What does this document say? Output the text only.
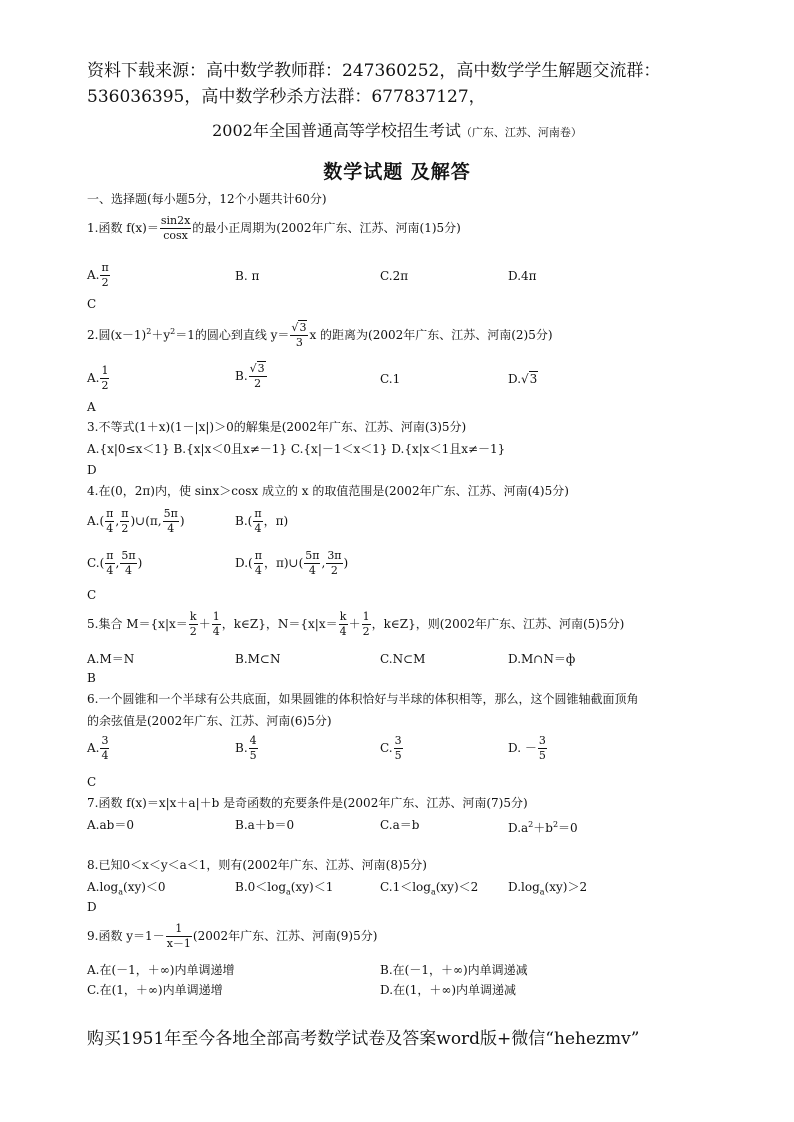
资料下载来源：高中数学教师群：247360252，高中数学学生解题交流群：
536036395，高中数学秒杀方法群：677837127，
2002年全国普通高等学校招生考试（广东、江苏、河南卷）
数学试题 及解答
一、选择题(每小题5分，12个小题共计60分)
1.函数 $f(x)= \frac{\sin 2x}{\cos x}$ 的最小正周期为(2002年广东、江苏、河南(1)5分)
A. $\frac{\pi}{2}$	B. π	C.2π	D.4π
C
2.圆$(x-1)^2+y^2=1$的圆心到直线 $y= \frac{√3}{3}$ x 的距离为(2002年广东、江苏、河南(2)5分)
A. $\frac{1}{2}$	B. $\frac{√3}{2}$	C.1	D.√3
A
3.不等式(1＋x)(1－|x|)＞0的解集是(2002年广东、江苏、河南(3)5分)
A.{x|0≤x＜1} B.{x|x＜0且x≠－1} C.{x|－1＜x＜1} D.{x|x＜1且x≠－1}
D
4.在(0，2π)内，使 sinx＞cosx 成立的 x 的取值范围是(2002年广东、江苏、河南(4)5分)
$A.( \frac{\pi}{4}$ , $\frac{\pi}{2}$ )∪(π, $\frac{5\pi}{4}$ )	$B.( \frac{\pi}{4}$ ，π)
$C.( \frac{\pi}{4}$ , $\frac{5\pi}{4}$ )	$D.( \frac{\pi}{4}$ ，π)∪( $\frac{5\pi}{4}$ , $\frac{3\pi}{2}$ )
C
5.集合 $M=\{x|x= \frac{k}{2} + \frac{1}{4}$ ，k∈Z}，$N=\{x|x= \frac{k}{4} + \frac{1}{2}$ ，k∈Z}，则(2002年广东、江苏、河南(5)5分)
A.M＝N	B.M⊂N	C.N⊂M	D.M∩N＝ф
B
6.一个圆锥和一个半球有公共底面，如果圆锥的体积恰好与半球的体积相等，那么，这个圆锥轴截面顶角
的余弦值是(2002年广东、江苏、河南(6)5分)
A. $\frac{3}{4}$	B. $\frac{4}{5}$	C. $\frac{3}{5}$	D. － $\frac{3}{5}$
C
7.函数 f(x)＝x|x＋a|＋b 是奇函数的充要条件是(2002年广东、江苏、河南(7)5分)
A.ab＝0	B.a＋b＝0	C.a＝b	$D.a^2+b^2=0$
8.已知0＜x＜y＜a＜1，则有(2002年广东、江苏、河南(8)5分)
$A.\log_a(xy)<0$	$B.0<\log_a(xy)<1$	$C.1<\log_a(xy)<2$ $D.\log_a(xy)>2$
D
9.函数 $y=1- \frac{1}{x-1} (2002$年广东、江苏、河南(9)5分)
A.在(－1，＋∞)内单调递增	B.在(－1，＋∞)内单调递减
C.在(1，＋∞)内单调递增	D.在(1，＋∞)内单调递减
购买1951年至今各地全部高考数学试卷及答案word版+微信“hehezmv”
